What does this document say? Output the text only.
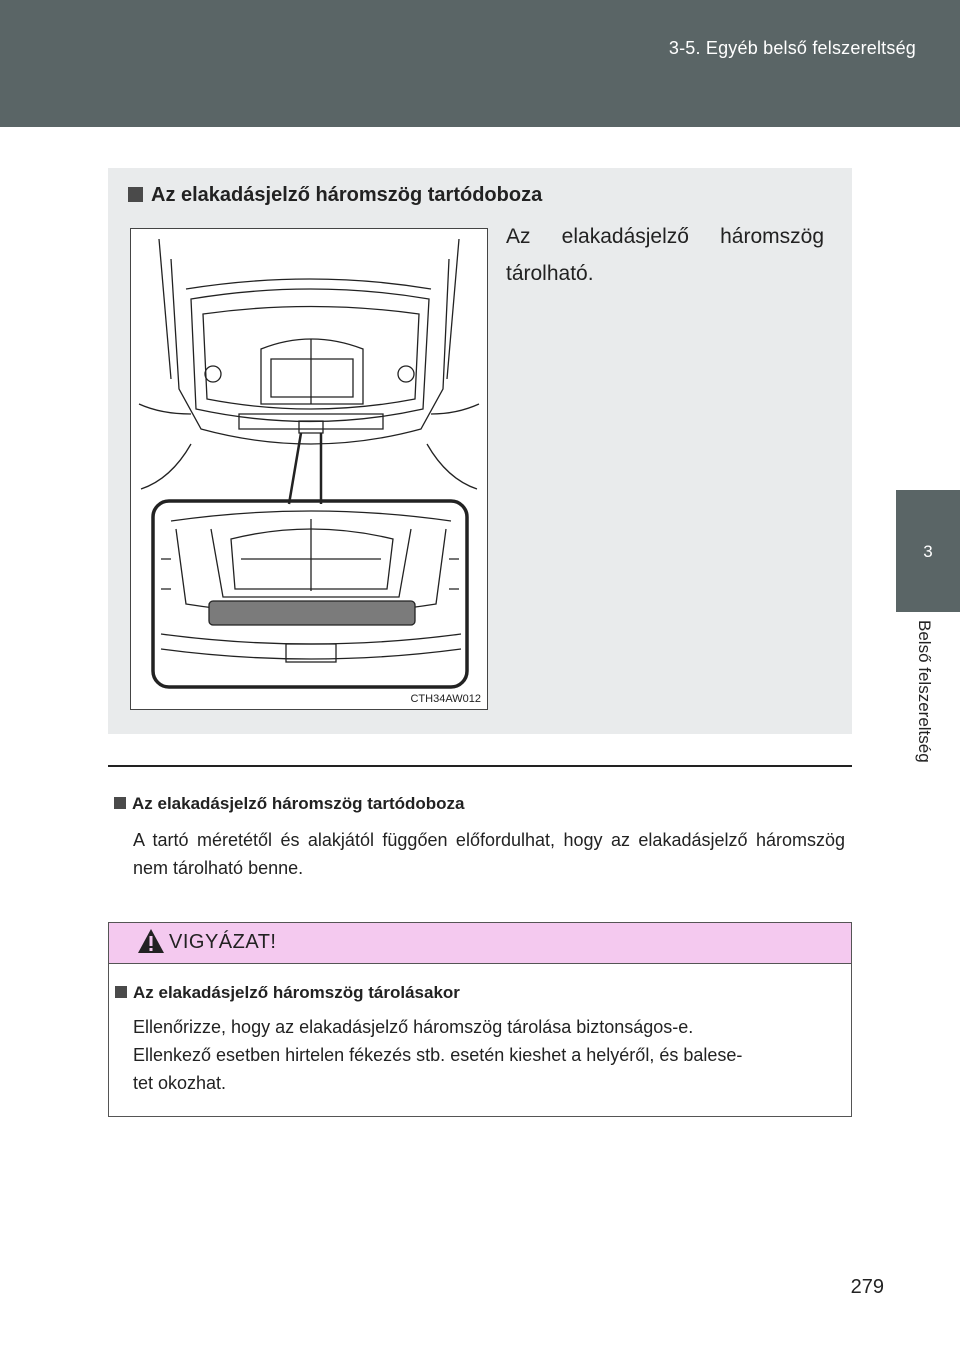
3-5. Egyéb belső felszereltség
3
Belső felszereltség
Az elakadásjelző háromszög tartódoboza
CTH34AW012
Az elakadásjelző háromszög tárolható.
Az elakadásjelző háromszög tartódoboza
A tartó méretétől és alakjától függően előfordulhat, hogy az elakadásjelző háromszög nem tárolható benne.
VIGYÁZAT!
Az elakadásjelző háromszög tárolásakor
Ellenőrizze, hogy az elakadásjelző háromszög tárolása biztonságos-e.
Ellenkező esetben hirtelen fékezés stb. esetén kieshet a helyéről, és balese-
tet okozhat.
279
